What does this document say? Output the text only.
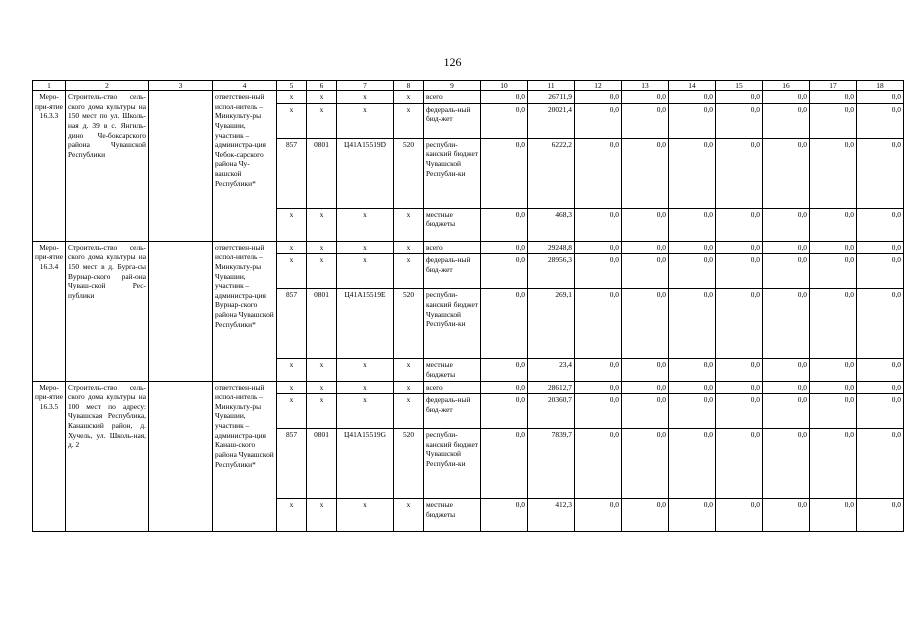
126
1	2	3	4	5	6	7	8	9	10	11	12	13	14	15	16	17	18
Меро-при-ятие 16.3.3	Строитель-ство сель-ского дома культуры на 150 мест по ул. Школь-ная д. 39 в с. Янгиль-дино Че-боксарского района Чувашской Республики		ответствен-ный испол-нитель – Минкульту-ры Чувашии, участник – администра-ция Чебок-сарского района Чу-вашской Республики*	x	x	x	x	всего	0,0	26711,9	0,0	0,0	0,0	0,0	0,0	0,0	0,0
				x	x	x	x	федераль-ный бюд-жет	0,0	20021,4	0,0	0,0	0,0	0,0	0,0	0,0	0,0
				857	0801	Ц41А15519D	520	республи-канский бюджет Чувашской Республи-ки	0,0	6222,2	0,0	0,0	0,0	0,0	0,0	0,0	0,0
				x	x	x	x	местные бюджеты	0,0	468,3	0,0	0,0	0,0	0,0	0,0	0,0	0,0
Меро-при-ятие 16.3.4	Строитель-ство сель-ского дома культуры на 150 мест в д. Бурга-сы Вурнар-ского рай-она Чуваш-ской Рес-публики		ответствен-ный испол-нитель – Минкульту-ры Чувашии, участник – администра-ция Вурнар-ского района Чувашской Республики*	x	x	x	x	всего	0,0	29248,8	0,0	0,0	0,0	0,0	0,0	0,0	0,0
				x	x	x	x	федераль-ный бюд-жет	0,0	28956,3	0,0	0,0	0,0	0,0	0,0	0,0	0,0
				857	0801	Ц41А15519Е	520	республи-канский бюджет Чувашской Республи-ки	0,0	269,1	0,0	0,0	0,0	0,0	0,0	0,0	0,0
				x	x	x	x	местные бюджеты	0,0	23,4	0,0	0,0	0,0	0,0	0,0	0,0	0,0
Меро-при-ятие 16.3.5	Строитель-ство сель-ского дома культуры на 100 мест по адресу: Чувашская Республика, Канашский район, д. Хучель, ул. Школь-ная, д. 2		ответствен-ный испол-нитель – Минкульту-ры Чувашии, участник – администра-ция Канаш-ского района Чувашской Республики*	x	x	x	x	всего	0,0	28612,7	0,0	0,0	0,0	0,0	0,0	0,0	0,0
				x	x	x	x	федераль-ный бюд-жет	0,0	20360,7	0,0	0,0	0,0	0,0	0,0	0,0	0,0
				857	0801	Ц41А15519G	520	республи-канский бюджет Чувашской Республи-ки	0,0	7839,7	0,0	0,0	0,0	0,0	0,0	0,0	0,0
				x	x	x	x	местные бюджеты	0,0	412,3	0,0	0,0	0,0	0,0	0,0	0,0	0,0
